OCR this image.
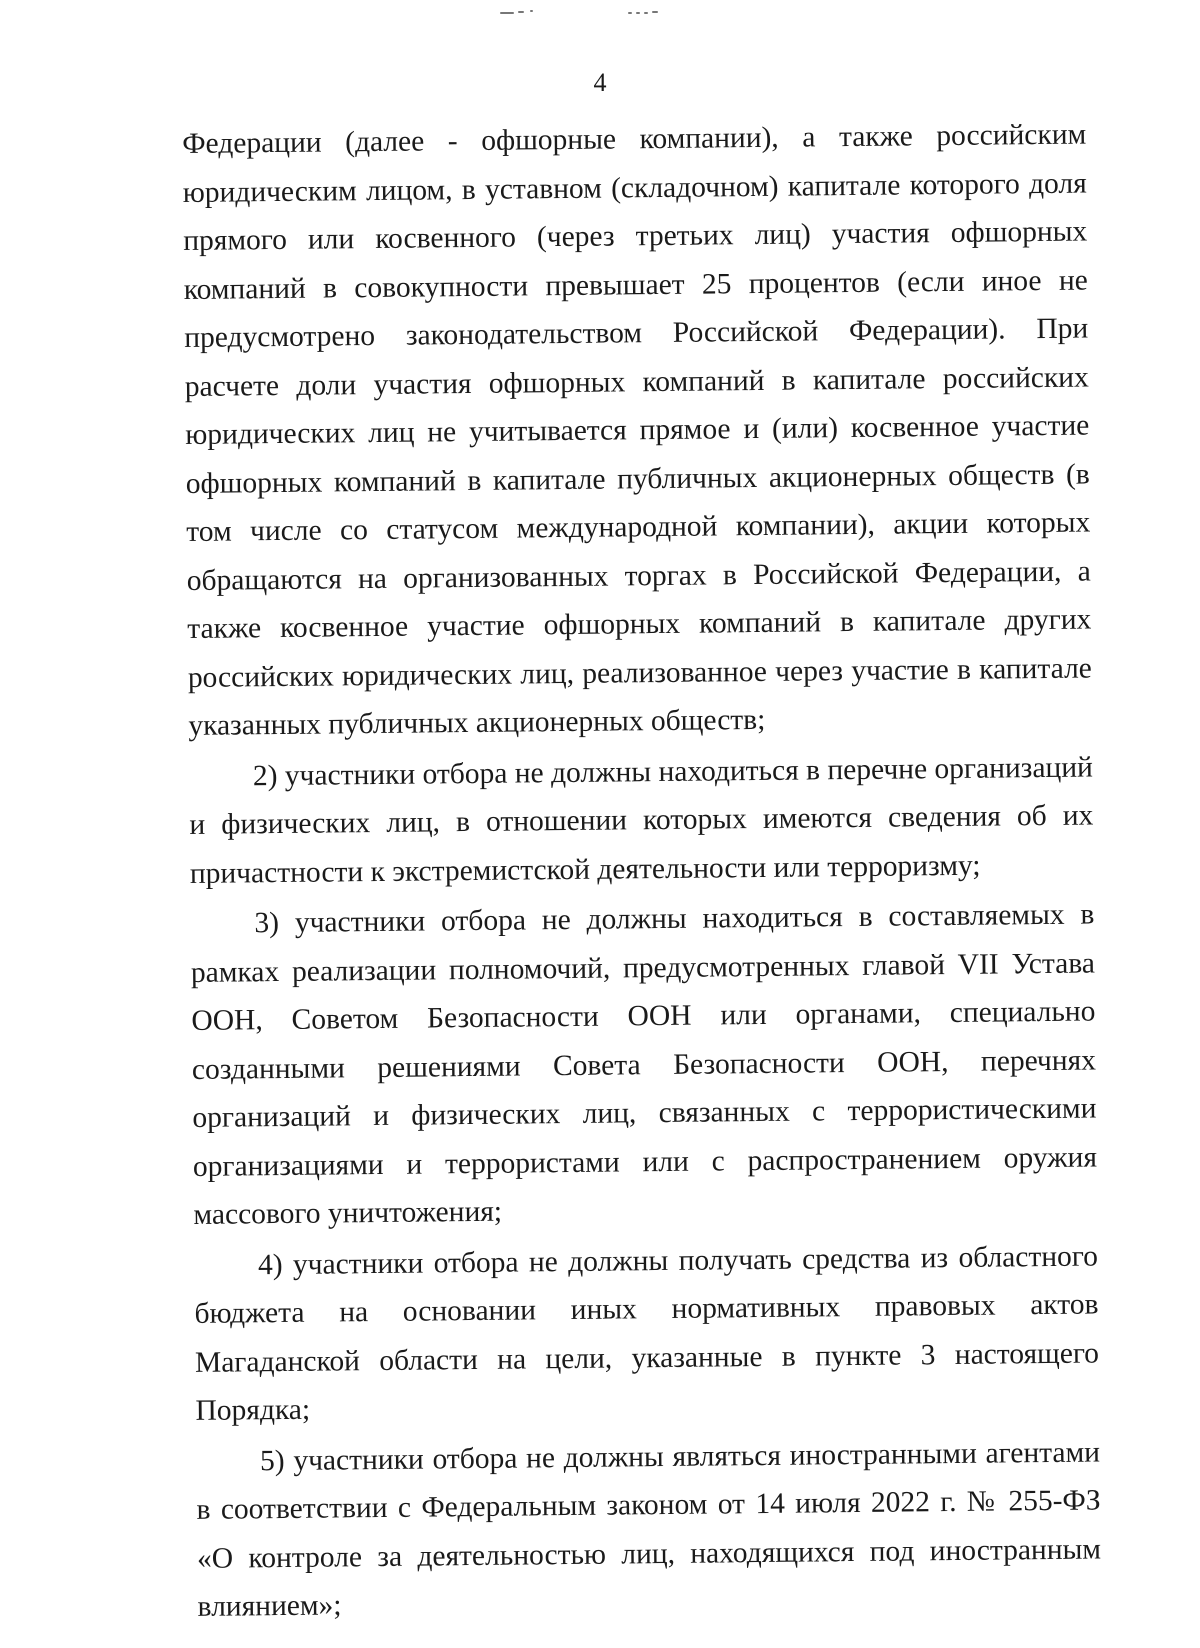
4

Федерации (далее - офшорные компании), а также российским юридическим лицом, в уставном (складочном) капитале которого доля прямого или косвенного (через третьих лиц) участия офшорных компаний в совокупности превышает 25 процентов (если иное не предусмотрено законодательством Российской Федерации). При расчете доли участия офшорных компаний в капитале российских юридических лиц не учитывается прямое и (или) косвенное участие офшорных компаний в капитале публичных акционерных обществ (в том числе со статусом международной компании), акции которых обращаются на организованных торгах в Российской Федерации, а также косвенное участие офшорных компаний в капитале других российских юридических лиц, реализованное через участие в капитале указанных публичных акционерных обществ;

2) участники отбора не должны находиться в перечне организаций и физических лиц, в отношении которых имеются сведения об их причастности к экстремистской деятельности или терроризму;

3) участники отбора не должны находиться в составляемых в рамках реализации полномочий, предусмотренных главой VII Устава ООН, Советом Безопасности ООН или органами, специально созданными решениями Совета Безопасности ООН, перечнях организаций и физических лиц, связанных с террористическими организациями и террористами или с распространением оружия массового уничтожения;

4) участники отбора не должны получать средства из областного бюджета на основании иных нормативных правовых актов Магаданской области на цели, указанные в пункте 3 настоящего Порядка;

5) участники отбора не должны являться иностранными агентами в соответствии с Федеральным законом от 14 июля 2022 г. № 255-ФЗ «О контроле за деятельностью лиц, находящихся под иностранным влиянием»;
